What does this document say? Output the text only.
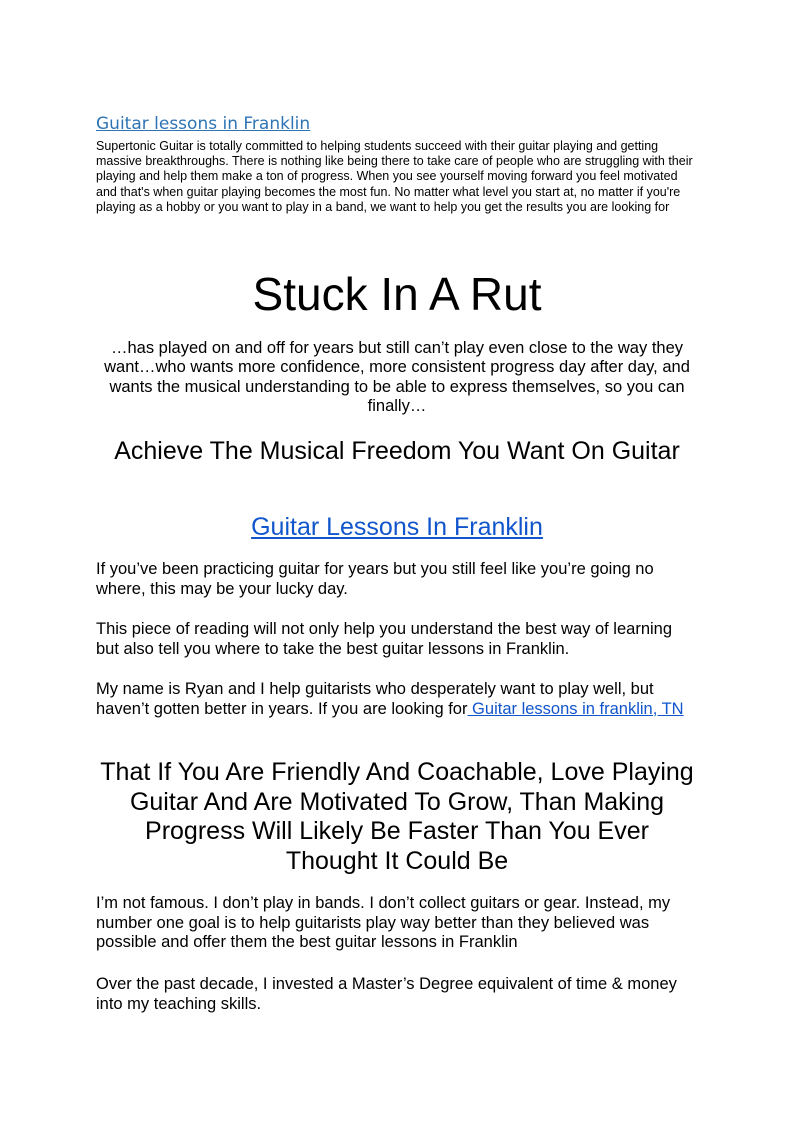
Guitar lessons in Franklin

Supertonic Guitar is totally committed to helping students succeed with their guitar playing and getting massive breakthroughs. There is nothing like being there to take care of people who are struggling with their playing and help them make a ton of progress. When you see yourself moving forward you feel motivated and that's when guitar playing becomes the most fun. No matter what level you start at, no matter if you're playing as a hobby or you want to play in a band, we want to help you get the results you are looking for

Stuck In A Rut

…has played on and off for years but still can’t play even close to the way they want…who wants more confidence, more consistent progress day after day, and wants the musical understanding to be able to express themselves, so you can finally…

Achieve The Musical Freedom You Want On Guitar
Guitar Lessons In Franklin

If you’ve been practicing guitar for years but you still feel like you’re going no where, this may be your lucky day.

This piece of reading will not only help you understand the best way of learning but also tell you where to take the best guitar lessons in Franklin.

My name is Ryan and I help guitarists who desperately want to play well, but haven’t gotten better in years. If you are looking for Guitar lessons in franklin, TN

That If You Are Friendly And Coachable, Love Playing Guitar And Are Motivated To Grow, Than Making Progress Will Likely Be Faster Than You Ever Thought It Could Be

I’m not famous. I don’t play in bands. I don’t collect guitars or gear. Instead, my number one goal is to help guitarists play way better than they believed was possible and offer them the best guitar lessons in Franklin

Over the past decade, I invested a Master’s Degree equivalent of time & money into my teaching skills.
